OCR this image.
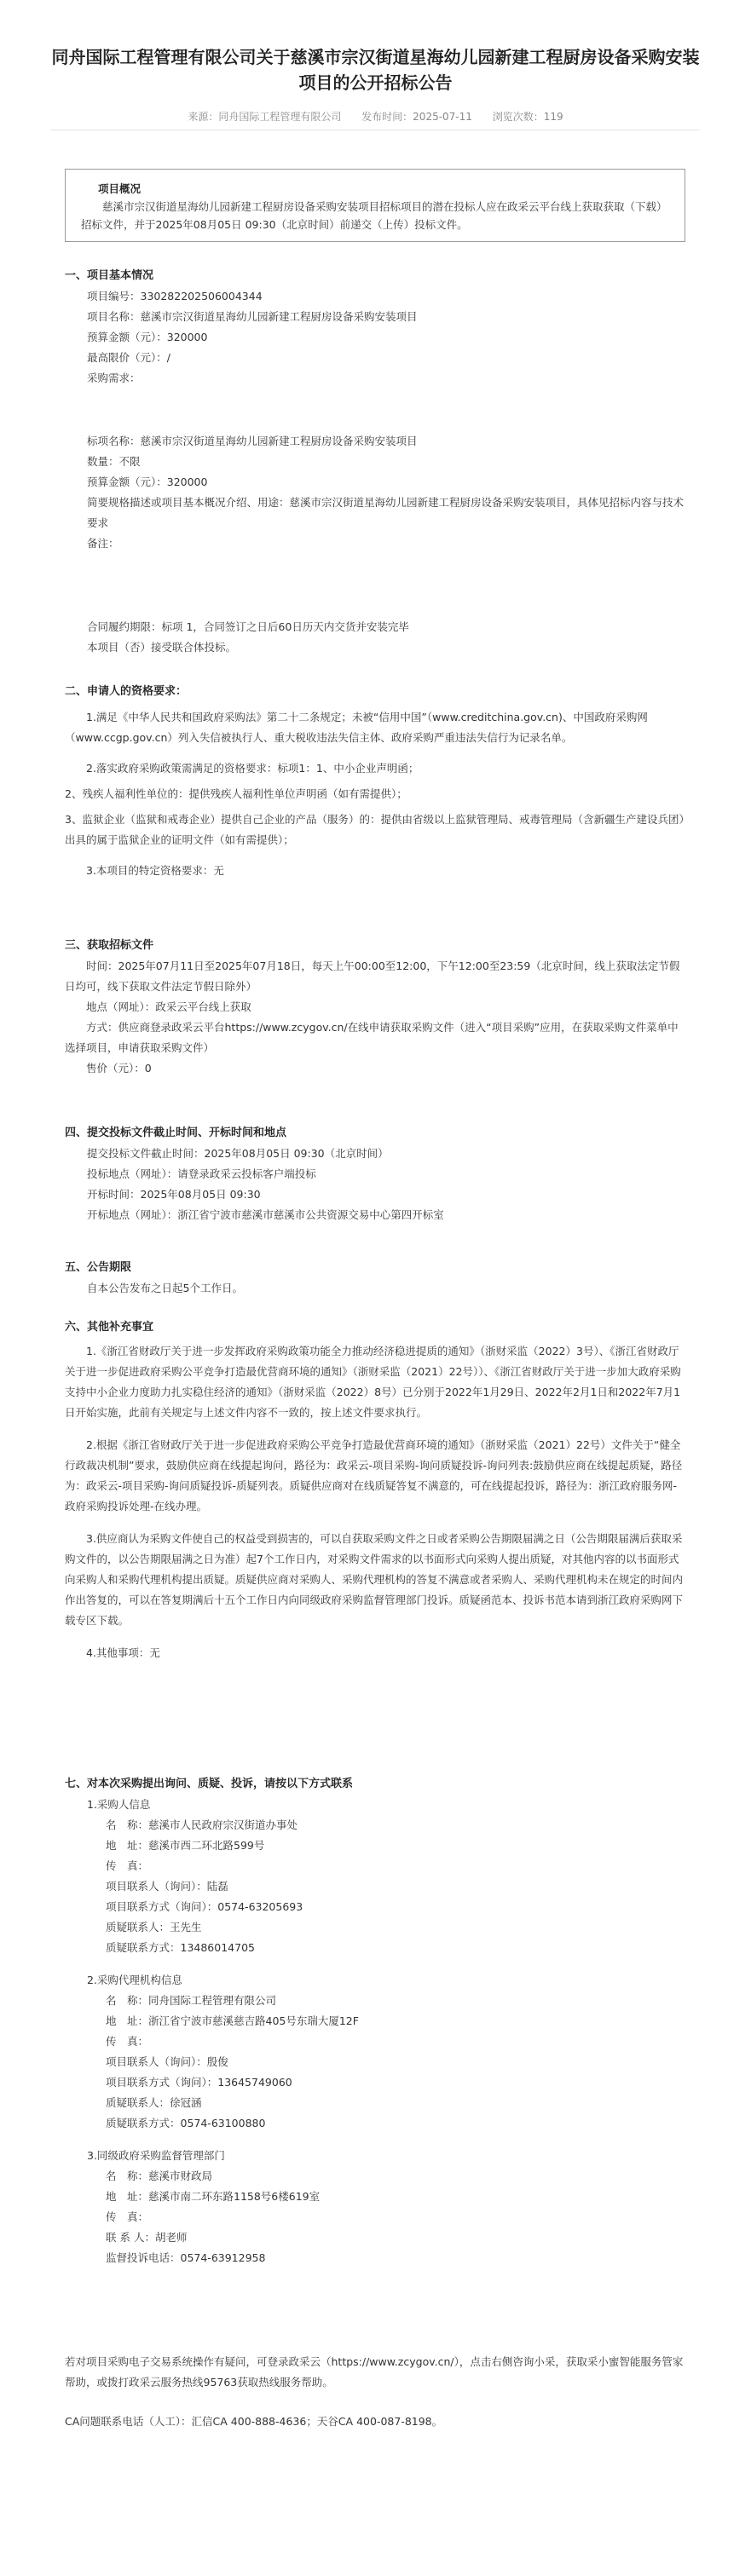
同舟国际工程管理有限公司关于慈溪市宗汉街道星海幼儿园新建工程厨房设备采购安装项目的公开招标公告
来源：同舟国际工程管理有限公司 发布时间：2025-07-11 浏览次数：119
项目概况
慈溪市宗汉街道星海幼儿园新建工程厨房设备采购安装项目招标项目的潜在投标人应在政采云平台线上获取获取（下载）招标文件，并于2025年08月05日 09:30（北京时间）前递交（上传）投标文件。
一、项目基本情况
项目编号：330282202506004344
项目名称：慈溪市宗汉街道星海幼儿园新建工程厨房设备采购安装项目
预算金额（元）：320000
最高限价（元）：/
采购需求：
标项名称：慈溪市宗汉街道星海幼儿园新建工程厨房设备采购安装项目
数量：不限
预算金额（元）：320000
简要规格描述或项目基本概况介绍、用途：慈溪市宗汉街道星海幼儿园新建工程厨房设备采购安装项目，具体见招标内容与技术要求
备注：
合同履约期限：标项 1，合同签订之日后60日历天内交货并安装完毕
本项目（否）接受联合体投标。
二、申请人的资格要求：
1.满足《中华人民共和国政府采购法》第二十二条规定；未被“信用中国”（www.creditchina.gov.cn)、中国政府采购网（www.ccgp.gov.cn）列入失信被执行人、重大税收违法失信主体、政府采购严重违法失信行为记录名单。
2.落实政府采购政策需满足的资格要求：标项1：1、中小企业声明函；
2、残疾人福利性单位的：提供残疾人福利性单位声明函（如有需提供）；
3、监狱企业（监狱和戒毒企业）提供自己企业的产品（服务）的：提供由省级以上监狱管理局、戒毒管理局（含新疆生产建设兵团）出具的属于监狱企业的证明文件（如有需提供）；
3.本项目的特定资格要求：无
三、获取招标文件
时间：2025年07月11日至2025年07月18日，每天上午00:00至12:00，下午12:00至23:59（北京时间，线上获取法定节假日均可，线下获取文件法定节假日除外）
地点（网址）：政采云平台线上获取
方式：供应商登录政采云平台https://www.zcygov.cn/在线申请获取采购文件（进入“项目采购”应用，在获取采购文件菜单中选择项目，申请获取采购文件）
售价（元）：0
四、提交投标文件截止时间、开标时间和地点
提交投标文件截止时间：2025年08月05日 09:30（北京时间）
投标地点（网址）：请登录政采云投标客户端投标
开标时间：2025年08月05日 09:30
开标地点（网址）：浙江省宁波市慈溪市慈溪市公共资源交易中心第四开标室
五、公告期限
自本公告发布之日起5个工作日。
六、其他补充事宜
1.《浙江省财政厅关于进一步发挥政府采购政策功能全力推动经济稳进提质的通知》（浙财采监（2022）3号）、《浙江省财政厅关于进一步促进政府采购公平竞争打造最优营商环境的通知》（浙财采监（2021）22号））、《浙江省财政厅关于进一步加大政府采购支持中小企业力度助力扎实稳住经济的通知》（浙财采监（2022）8号）已分别于2022年1月29日、2022年2月1日和2022年7月1日开始实施，此前有关规定与上述文件内容不一致的，按上述文件要求执行。
2.根据《浙江省财政厅关于进一步促进政府采购公平竞争打造最优营商环境的通知》（浙财采监（2021）22号）文件关于“健全行政裁决机制”要求，鼓励供应商在线提起询问，路径为：政采云-项目采购-询问质疑投诉-询问列表:鼓励供应商在线提起质疑，路径为：政采云-项目采购-询问质疑投诉-质疑列表。质疑供应商对在线质疑答复不满意的，可在线提起投诉，路径为：浙江政府服务网-政府采购投诉处理-在线办理。
3.供应商认为采购文件使自己的权益受到损害的，可以自获取采购文件之日或者采购公告期限届满之日（公告期限届满后获取采购文件的，以公告期限届满之日为准）起7个工作日内，对采购文件需求的以书面形式向采购人提出质疑，对其他内容的以书面形式向采购人和采购代理机构提出质疑。质疑供应商对采购人、采购代理机构的答复不满意或者采购人、采购代理机构未在规定的时间内作出答复的，可以在答复期满后十五个工作日内向同级政府采购监督管理部门投诉。质疑函范本、投诉书范本请到浙江政府采购网下载专区下载。
4.其他事项：无
七、对本次采购提出询问、质疑、投诉，请按以下方式联系
1.采购人信息
名　称：慈溪市人民政府宗汉街道办事处
地　址：慈溪市西二环北路599号
传　真：
项目联系人（询问）：陆磊
项目联系方式（询问）：0574-63205693
质疑联系人：王先生
质疑联系方式：13486014705
2.采购代理机构信息
名　称：同舟国际工程管理有限公司
地　址：浙江省宁波市慈溪慈吉路405号东瑞大厦12F
传　真：
项目联系人（询问）：殷俊
项目联系方式（询问）：13645749060
质疑联系人：徐冠涵
质疑联系方式：0574-63100880
3.同级政府采购监督管理部门
名　称：慈溪市财政局
地　址：慈溪市南二环东路1158号6楼619室
传　真：
联 系 人：胡老师
监督投诉电话：0574-63912958
若对项目采购电子交易系统操作有疑问，可登录政采云（https://www.zcygov.cn/），点击右侧咨询小采，获取采小蜜智能服务管家帮助，或拨打政采云服务热线95763获取热线服务帮助。
CA问题联系电话（人工）：汇信CA 400-888-4636；天谷CA 400-087-8198。
